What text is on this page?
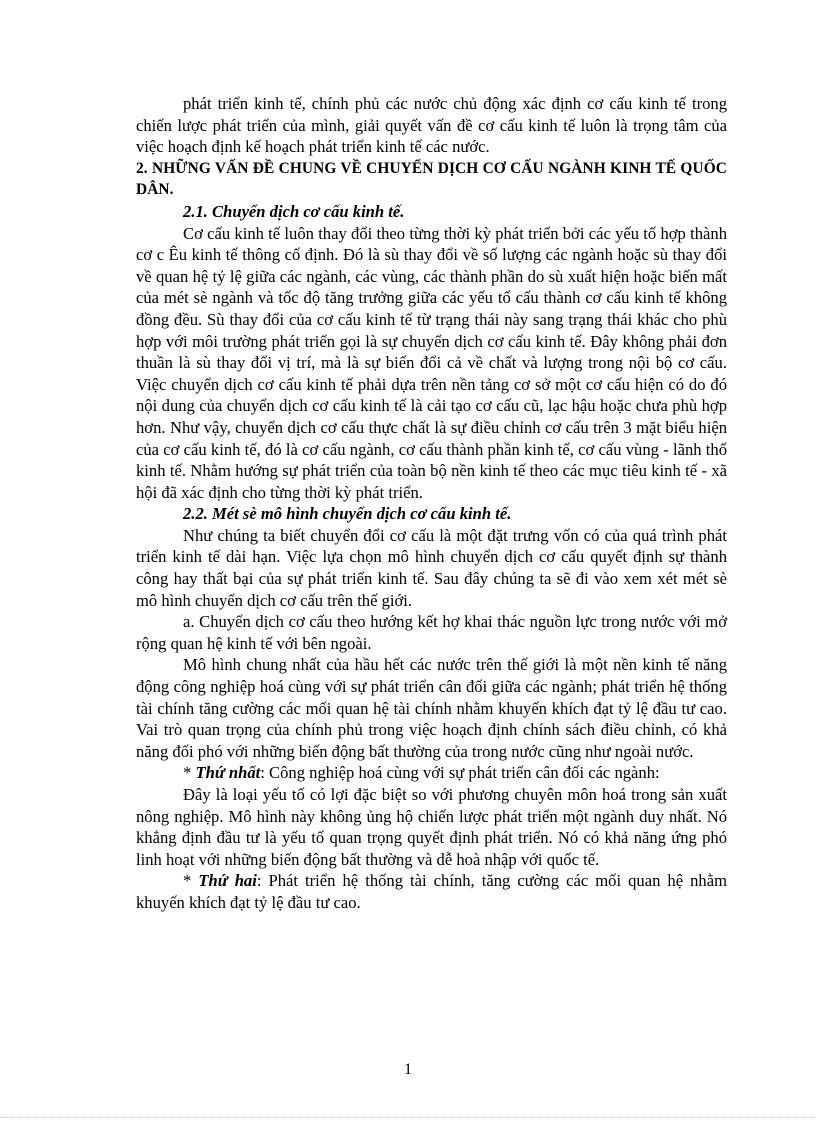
phát triển kinh tế, chính phủ các nước chủ động xác định cơ cấu kinh tế trong chiến lược phát triển của mình, giải quyết vấn đề cơ cấu kinh tế luôn là trọng tâm của việc hoạch định kế hoạch phát triển kinh tế các nước.

2. NHỮNG VẤN ĐỀ CHUNG VỀ CHUYỂN DỊCH CƠ CẤU NGÀNH KINH TẾ QUỐC DÂN.

2.1. Chuyển dịch cơ cấu kinh tế.

Cơ cấu kinh tế luôn thay đổi theo từng thời kỳ phát triển bởi các yếu tố hợp thành cơ c Êu kinh tế thông cố định. Đó là sù thay đổi về số lượng các ngành hoặc sù thay đổi về quan hệ tỷ lệ giữa các ngành, các vùng, các thành phần do sù xuất hiện hoặc biến mất của mét sè ngành và tốc độ tăng trưởng giữa các yếu tố cấu thành cơ cấu kinh tế không đồng đều. Sù thay đổi của cơ cấu kinh tế từ trạng thái này sang trạng thái khác cho phù hợp với môi trường phát triển gọi là sự chuyển dịch cơ cấu kinh tế. Đây không phải đơn thuần là sù thay đổi vị trí, mà là sự biến đổi cả về chất và lượng trong nội bộ cơ cấu. Việc chuyển dịch cơ cấu kinh tế phải dựa trên nền tảng cơ sở một cơ cấu hiện có do đó nội dung của chuyển dịch cơ cấu kinh tế là cải tạo cơ cấu cũ, lạc hậu hoặc chưa phù hợp hơn. Như vậy, chuyển dịch cơ cấu thực chất là sự điều chỉnh cơ cấu trên 3 mặt biểu hiện của cơ cấu kinh tế, đó là cơ cấu ngành, cơ cấu thành phần kinh tế, cơ cấu vùng - lãnh thổ kinh tế. Nhằm hướng sự phát triển của toàn bộ nền kinh tế theo các mục tiêu kinh tế - xã hội đã xác định cho từng thời kỳ phát triển.

2.2. Mét sè mô hình chuyển dịch cơ cấu kinh tế.

Như chúng ta biết chuyển đổi cơ cấu là một đặt trưng vốn có của quá trình phát triển kinh tế dài hạn. Việc lựa chọn mô hình chuyển dịch cơ cấu quyết định sự thành công hay thất bại của sự phát triển kinh tế. Sau đây chúng ta sẽ đi vào xem xét mét sè mô hình chuyển dịch cơ cấu trên thế giới.

a. Chuyển dịch cơ cấu theo hướng kết hợ khai thác nguồn lực trong nước với mở rộng quan hệ kinh tế với bên ngoài.

Mô hình chung nhất của hầu hết các nước trên thế giới là một nền kinh tế năng động công nghiệp hoá cùng với sự phát triển cân đối giữa các ngành; phát triển hệ thống tài chính tăng cường các mối quan hệ tài chính nhằm khuyến khích đạt tỷ lệ đầu tư cao. Vai trò quan trọng của chính phủ trong việc hoạch định chính sách điều chỉnh, có khả năng đối phó với những biến động bất thường của trong nước cũng như ngoài nước.

* Thứ nhất: Công nghiệp hoá cùng với sự phát triển cân đối các ngành:

Đây là loại yếu tố có lợi đặc biệt so với phương chuyên môn hoá trong sản xuất nông nghiệp. Mô hình này không ủng hộ chiến lược phát triển một ngành duy nhất. Nó khẳng định đầu tư là yếu tố quan trọng quyết định phát triển. Nó có khả năng ứng phó linh hoạt với những biến động bất thường và dễ hoà nhập với quốc tế.

* Thứ hai: Phát triển hệ thống tài chính, tăng cường các mối quan hệ nhằm khuyến khích đạt tỷ lệ đầu tư cao.

1
